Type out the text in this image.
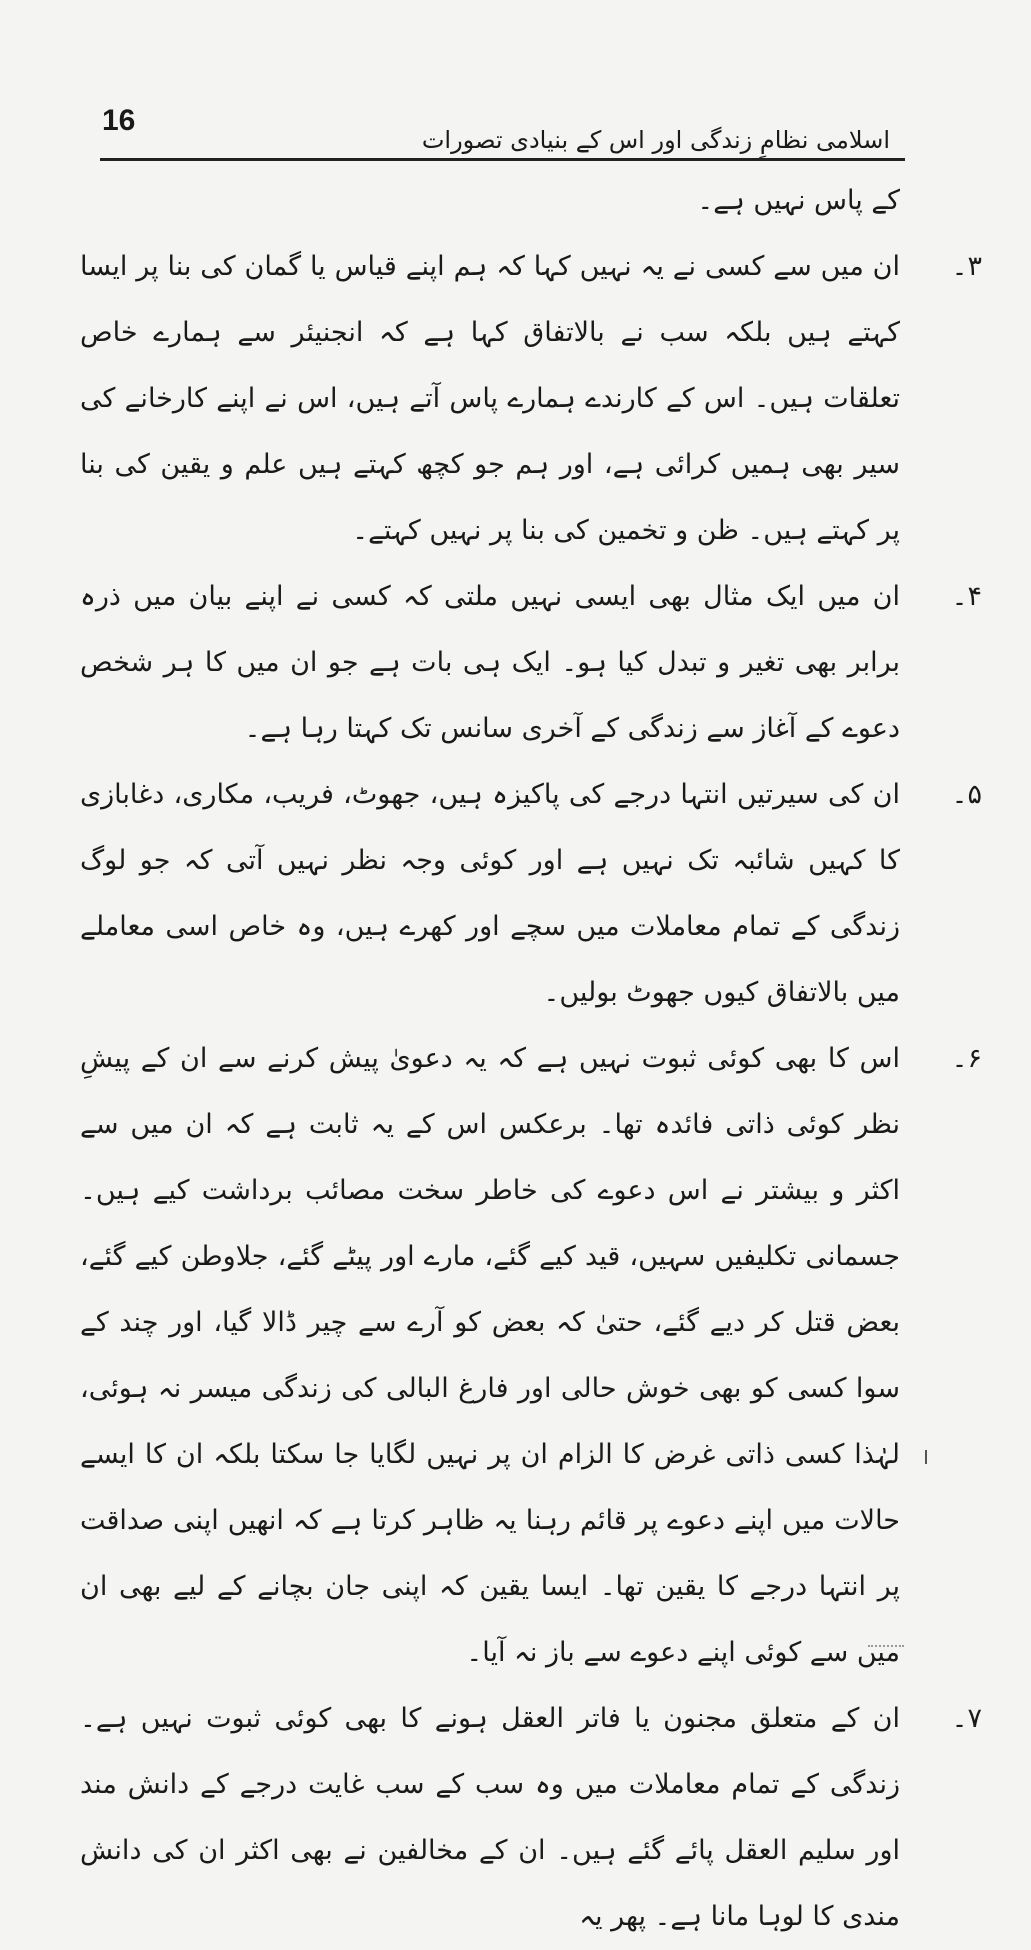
16
اسلامی نظامِ زندگی اور اس کے بنیادی تصورات

کے پاس نہیں ہے۔

۳۔
ان میں سے کسی نے یہ نہیں کہا کہ ہم اپنے قیاس یا گمان کی بنا پر ایسا کہتے ہیں بلکہ سب نے بالاتفاق کہا ہے کہ انجنیئر سے ہمارے خاص تعلقات ہیں۔ اس کے کارندے ہمارے پاس آتے ہیں، اس نے اپنے کارخانے کی سیر بھی ہمیں کرائی ہے، اور ہم جو کچھ کہتے ہیں علم و یقین کی بنا پر کہتے ہیں۔ ظن و تخمین کی بنا پر نہیں کہتے۔
۴۔
ان میں ایک مثال بھی ایسی نہیں ملتی کہ کسی نے اپنے بیان میں ذرہ برابر بھی تغیر و تبدل کیا ہو۔ ایک ہی بات ہے جو ان میں کا ہر شخص دعوے کے آغاز سے زندگی کے آخری سانس تک کہتا رہا ہے۔
۵۔
ان کی سیرتیں انتہا درجے کی پاکیزہ ہیں، جھوٹ، فریب، مکاری، دغابازی کا کہیں شائبہ تک نہیں ہے اور کوئی وجہ نظر نہیں آتی کہ جو لوگ زندگی کے تمام معاملات میں سچے اور کھرے ہیں، وہ خاص اسی معاملے میں بالاتفاق کیوں جھوٹ بولیں۔
۶۔
اس کا بھی کوئی ثبوت نہیں ہے کہ یہ دعویٰ پیش کرنے سے ان کے پیشِ نظر کوئی ذاتی فائدہ تھا۔ برعکس اس کے یہ ثابت ہے کہ ان میں سے اکثر و بیشتر نے اس دعوے کی خاطر سخت مصائب برداشت کیے ہیں۔ جسمانی تکلیفیں سہیں، قید کیے گئے، مارے اور پیٹے گئے، جلاوطن کیے گئے، بعض قتل کر دیے گئے، حتیٰ کہ بعض کو آرے سے چیر ڈالا گیا، اور چند کے سوا کسی کو بھی خوش حالی اور فارغ البالی کی زندگی میسر نہ ہوئی، لہٰذا کسی ذاتی غرض کا الزام ان پر نہیں لگایا جا سکتا بلکہ ان کا ایسے حالات میں اپنے دعوے پر قائم رہنا یہ ظاہر کرتا ہے کہ انھیں اپنی صداقت پر انتہا درجے کا یقین تھا۔ ایسا یقین کہ اپنی جان بچانے کے لیے بھی ان میں سے کوئی اپنے دعوے سے باز نہ آیا۔
۷۔
ان کے متعلق مجنون یا فاتر العقل ہونے کا بھی کوئی ثبوت نہیں ہے۔ زندگی کے تمام معاملات میں وہ سب کے سب غایت درجے کے دانش مند اور سلیم العقل پائے گئے ہیں۔ ان کے مخالفین نے بھی اکثر ان کی دانش مندی کا لوہا مانا ہے۔ پھر یہ
